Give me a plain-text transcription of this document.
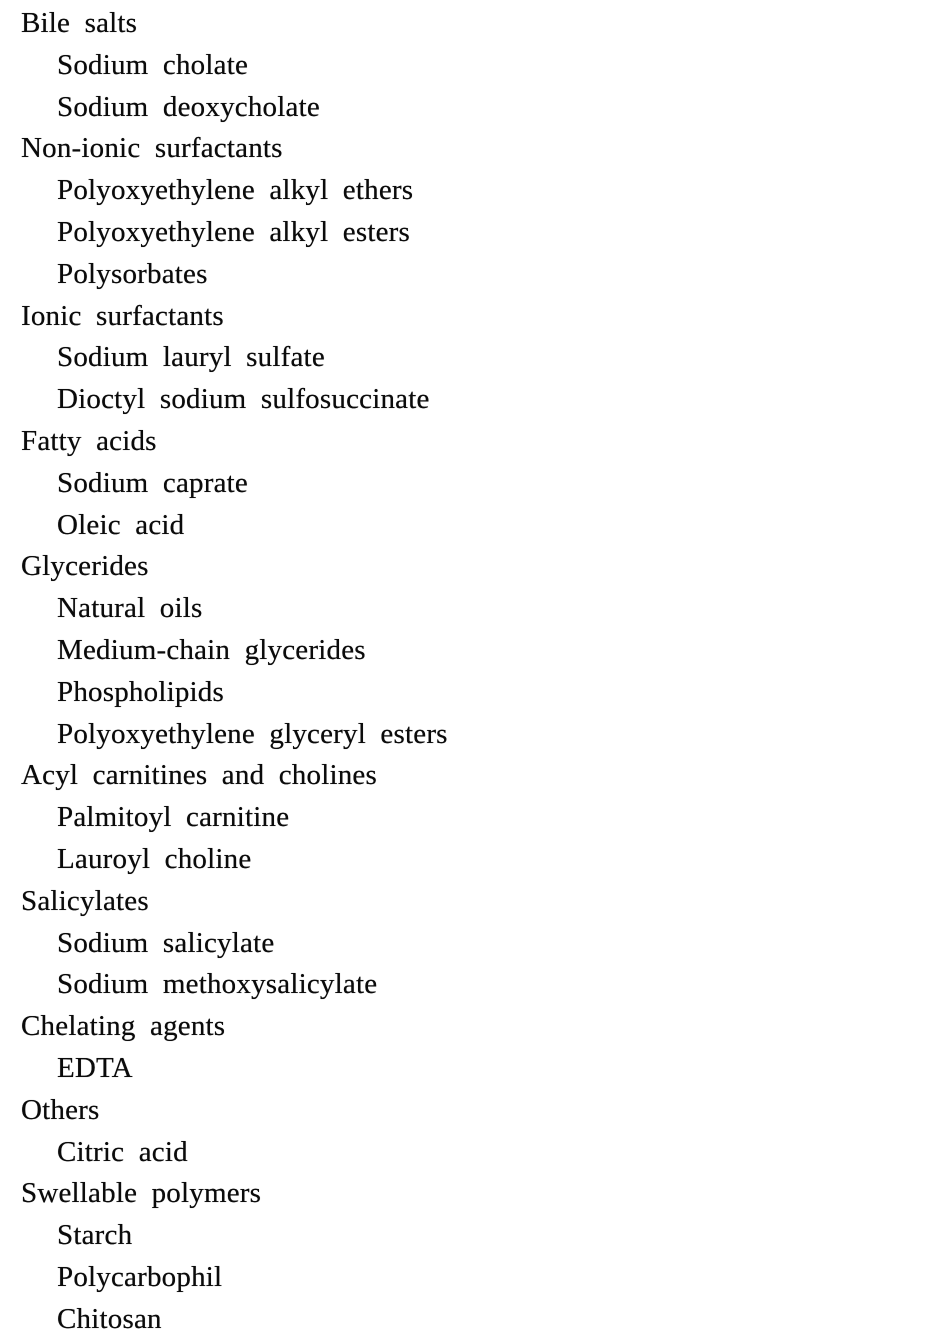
Bile salts
Sodium cholate
Sodium deoxycholate
Non-ionic surfactants
Polyoxyethylene alkyl ethers
Polyoxyethylene alkyl esters
Polysorbates
Ionic surfactants
Sodium lauryl sulfate
Dioctyl sodium sulfosuccinate
Fatty acids
Sodium caprate
Oleic acid
Glycerides
Natural oils
Medium-chain glycerides
Phospholipids
Polyoxyethylene glyceryl esters
Acyl carnitines and cholines
Palmitoyl carnitine
Lauroyl choline
Salicylates
Sodium salicylate
Sodium methoxysalicylate
Chelating agents
EDTA
Others
Citric acid
Swellable polymers
Starch
Polycarbophil
Chitosan
